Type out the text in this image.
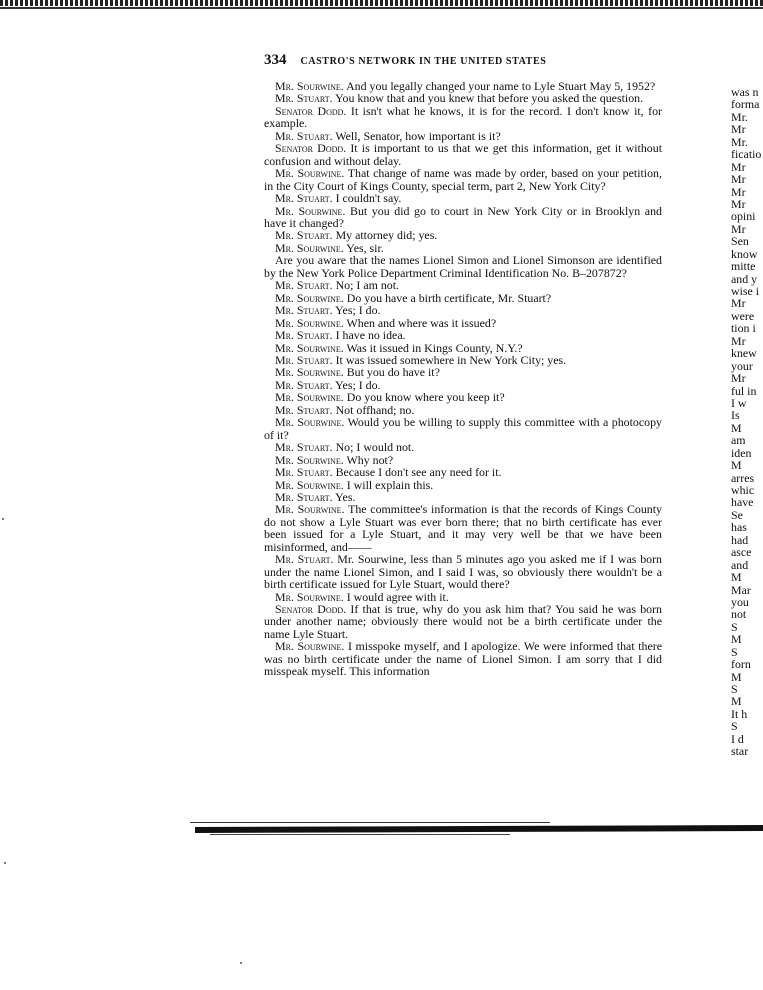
334 CASTRO'S NETWORK IN THE UNITED STATES

Mr. Sourwine. And you legally changed your name to Lyle Stuart May 5, 1952?

Mr. Stuart. You know that and you knew that before you asked the question.

Senator Dodd. It isn't what he knows, it is for the record. I don't know it, for example.

Mr. Stuart. Well, Senator, how important is it?

Senator Dodd. It is important to us that we get this information, get it without confusion and without delay.

Mr. Sourwine. That change of name was made by order, based on your petition, in the City Court of Kings County, special term, part 2, New York City?

Mr. Stuart. I couldn't say.

Mr. Sourwine. But you did go to court in New York City or in Brooklyn and have it changed?

Mr. Stuart. My attorney did; yes.

Mr. Sourwine. Yes, sir.

Are you aware that the names Lionel Simon and Lionel Simonson are identified by the New York Police Department Criminal Identification No. B–207872?

Mr. Stuart. No; I am not.

Mr. Sourwine. Do you have a birth certificate, Mr. Stuart?

Mr. Stuart. Yes; I do.

Mr. Sourwine. When and where was it issued?

Mr. Stuart. I have no idea.

Mr. Sourwine. Was it issued in Kings County, N.Y.?

Mr. Stuart. It was issued somewhere in New York City; yes.

Mr. Sourwine. But you do have it?

Mr. Stuart. Yes; I do.

Mr. Sourwine. Do you know where you keep it?

Mr. Stuart. Not offhand; no.

Mr. Sourwine. Would you be willing to supply this committee with a photocopy of it?

Mr. Stuart. No; I would not.

Mr. Sourwine. Why not?

Mr. Stuart. Because I don't see any need for it.

Mr. Sourwine. I will explain this.

Mr. Stuart. Yes.

Mr. Sourwine. The committee's information is that the records of Kings County do not show a Lyle Stuart was ever born there; that no birth certificate has ever been issued for a Lyle Stuart, and it may very well be that we have been misinformed, and——

Mr. Stuart. Mr. Sourwine, less than 5 minutes ago you asked me if I was born under the name Lionel Simon, and I said I was, so obviously there wouldn't be a birth certificate issued for Lyle Stuart, would there?

Mr. Sourwine. I would agree with it.

Senator Dodd. If that is true, why do you ask him that? You said he was born under another name; obviously there would not be a birth certificate under the name Lyle Stuart.

Mr. Sourwine. I misspoke myself, and I apologize. We were informed that there was no birth certificate under the name of Lionel Simon. I am sorry that I did misspeak myself. This information

was n
forma
Mr.
Mr
Mr.
ficatio
Mr
Mr
Mr
Mr
opini
Mr
Sen
know
mitte
and y
wise i
Mr
were
tion i
Mr
knew
your
Mr
ful in
I w
Is
M
am
iden
M
arres
whic
have
Se
has
had
asce
and
M
Mar
you
not
S
M
S
forn
M
S
M
It h
S
I d
star
